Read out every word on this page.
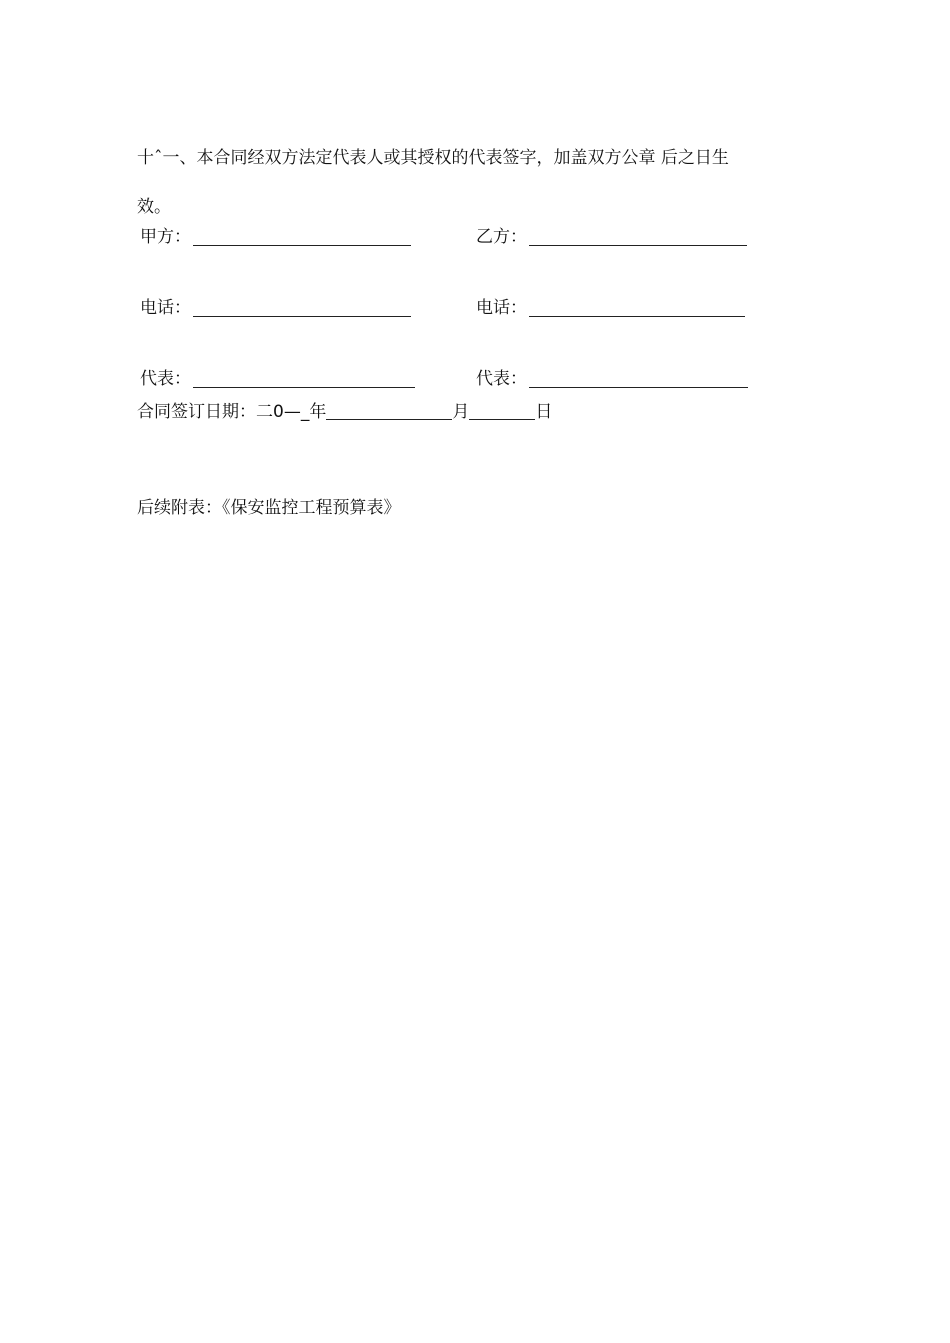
十ˆ一、本合同经双方法定代表人或其授权的代表签字，加盖双方公章 后之日生
效。
甲方：
电话：
代表：
乙方：
电话：
代表：
合同签订日期：二0—_年	月	日
后续附表：《保安监控工程预算表》
